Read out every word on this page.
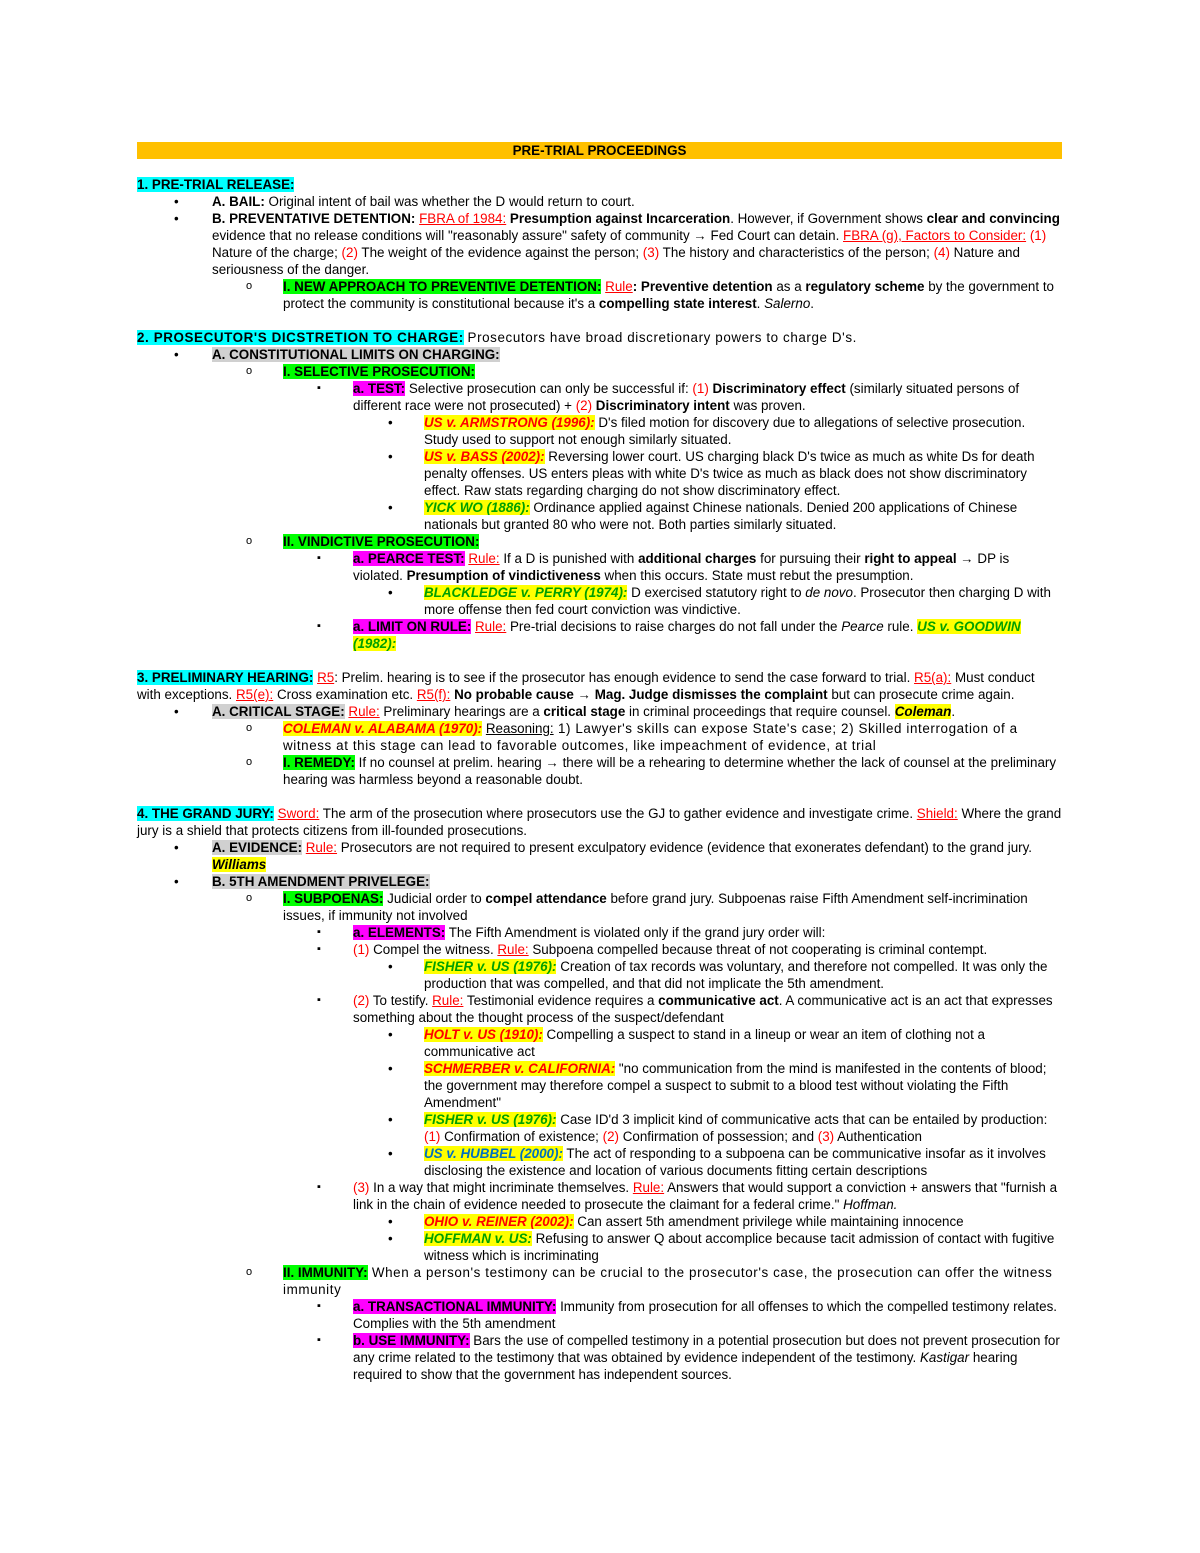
PRE-TRIAL PROCEEDINGS
1. PRE-TRIAL RELEASE:
• A. BAIL: Original intent of bail was whether the D would return to court.
• B. PREVENTATIVE DETENTION: FBRA of 1984: Presumption against Incarceration. However, if Government shows clear and convincing evidence that no release conditions will "reasonably assure" safety of community → Fed Court can detain. FBRA (g), Factors to Consider: (1) Nature of the charge; (2) The weight of the evidence against the person; (3) The history and characteristics of the person; (4) Nature and seriousness of the danger.
o I. NEW APPROACH TO PREVENTIVE DETENTION: Rule: Preventive detention as a regulatory scheme by the government to protect the community is constitutional because it's a compelling state interest. Salerno.
2. PROSECUTOR'S DICSTRETION TO CHARGE: Prosecutors have broad discretionary powers to charge D's.
• A. CONSTITUTIONAL LIMITS ON CHARGING:
o I. SELECTIVE PROSECUTION:
▪ a. TEST: Selective prosecution can only be successful if: (1) Discriminatory effect (similarly situated persons of different race were not prosecuted) + (2) Discriminatory intent was proven.
• US v. ARMSTRONG (1996): D's filed motion for discovery due to allegations of selective prosecution. Study used to support not enough similarly situated.
• US v. BASS (2002): Reversing lower court. US charging black D's twice as much as white Ds for death penalty offenses. US enters pleas with white D's twice as much as black does not show discriminatory effect. Raw stats regarding charging do not show discriminatory effect.
• YICK WO (1886): Ordinance applied against Chinese nationals. Denied 200 applications of Chinese nationals but granted 80 who were not. Both parties similarly situated.
o II. VINDICTIVE PROSECUTION:
▪ a. PEARCE TEST: Rule: If a D is punished with additional charges for pursuing their right to appeal → DP is violated. Presumption of vindictiveness when this occurs. State must rebut the presumption.
• BLACKLEDGE v. PERRY (1974): D exercised statutory right to de novo. Prosecutor then charging D with more offense then fed court conviction was vindictive.
▪ a. LIMIT ON RULE: Rule: Pre-trial decisions to raise charges do not fall under the Pearce rule. US v. GOODWIN (1982):
3. PRELIMINARY HEARING: R5: Prelim. hearing is to see if the prosecutor has enough evidence to send the case forward to trial. R5(a): Must conduct with exceptions. R5(e): Cross examination etc. R5(f): No probable cause → Mag. Judge dismisses the complaint but can prosecute crime again.
• A. CRITICAL STAGE: Rule: Preliminary hearings are a critical stage in criminal proceedings that require counsel. Coleman.
o COLEMAN v. ALABAMA (1970): Reasoning: 1) Lawyer's skills can expose State's case; 2) Skilled interrogation of a witness at this stage can lead to favorable outcomes, like impeachment of evidence, at trial
o I. REMEDY: If no counsel at prelim. hearing → there will be a rehearing to determine whether the lack of counsel at the preliminary hearing was harmless beyond a reasonable doubt.
4. THE GRAND JURY: Sword: The arm of the prosecution where prosecutors use the GJ to gather evidence and investigate crime. Shield: Where the grand jury is a shield that protects citizens from ill-founded prosecutions.
• A. EVIDENCE: Rule: Prosecutors are not required to present exculpatory evidence (evidence that exonerates defendant) to the grand jury. Williams
• B. 5TH AMENDMENT PRIVELEGE:
o I. SUBPOENAS: Judicial order to compel attendance before grand jury. Subpoenas raise Fifth Amendment self-incrimination issues, if immunity not involved
▪ a. ELEMENTS: The Fifth Amendment is violated only if the grand jury order will:
▪ (1) Compel the witness. Rule: Subpoena compelled because threat of not cooperating is criminal contempt.
• FISHER v. US (1976): Creation of tax records was voluntary, and therefore not compelled. It was only the production that was compelled, and that did not implicate the 5th amendment.
▪ (2) To testify. Rule: Testimonial evidence requires a communicative act. A communicative act is an act that expresses something about the thought process of the suspect/defendant
• HOLT v. US (1910): Compelling a suspect to stand in a lineup or wear an item of clothing not a communicative act
• SCHMERBER v. CALIFORNIA: "no communication from the mind is manifested in the contents of blood; the government may therefore compel a suspect to submit to a blood test without violating the Fifth Amendment"
• FISHER v. US (1976): Case ID'd 3 implicit kind of communicative acts that can be entailed by production: (1) Confirmation of existence; (2) Confirmation of possession; and (3) Authentication
• US v. HUBBEL (2000): The act of responding to a subpoena can be communicative insofar as it involves disclosing the existence and location of various documents fitting certain descriptions
▪ (3) In a way that might incriminate themselves. Rule: Answers that would support a conviction + answers that "furnish a link in the chain of evidence needed to prosecute the claimant for a federal crime." Hoffman.
• OHIO v. REINER (2002): Can assert 5th amendment privilege while maintaining innocence
• HOFFMAN v. US: Refusing to answer Q about accomplice because tacit admission of contact with fugitive witness which is incriminating
o II. IMMUNITY: When a person's testimony can be crucial to the prosecutor's case, the prosecution can offer the witness immunity
▪ a. TRANSACTIONAL IMMUNITY: Immunity from prosecution for all offenses to which the compelled testimony relates. Complies with the 5th amendment
▪ b. USE IMMUNITY: Bars the use of compelled testimony in a potential prosecution but does not prevent prosecution for any crime related to the testimony that was obtained by evidence independent of the testimony. Kastigar hearing required to show that the government has independent sources.
